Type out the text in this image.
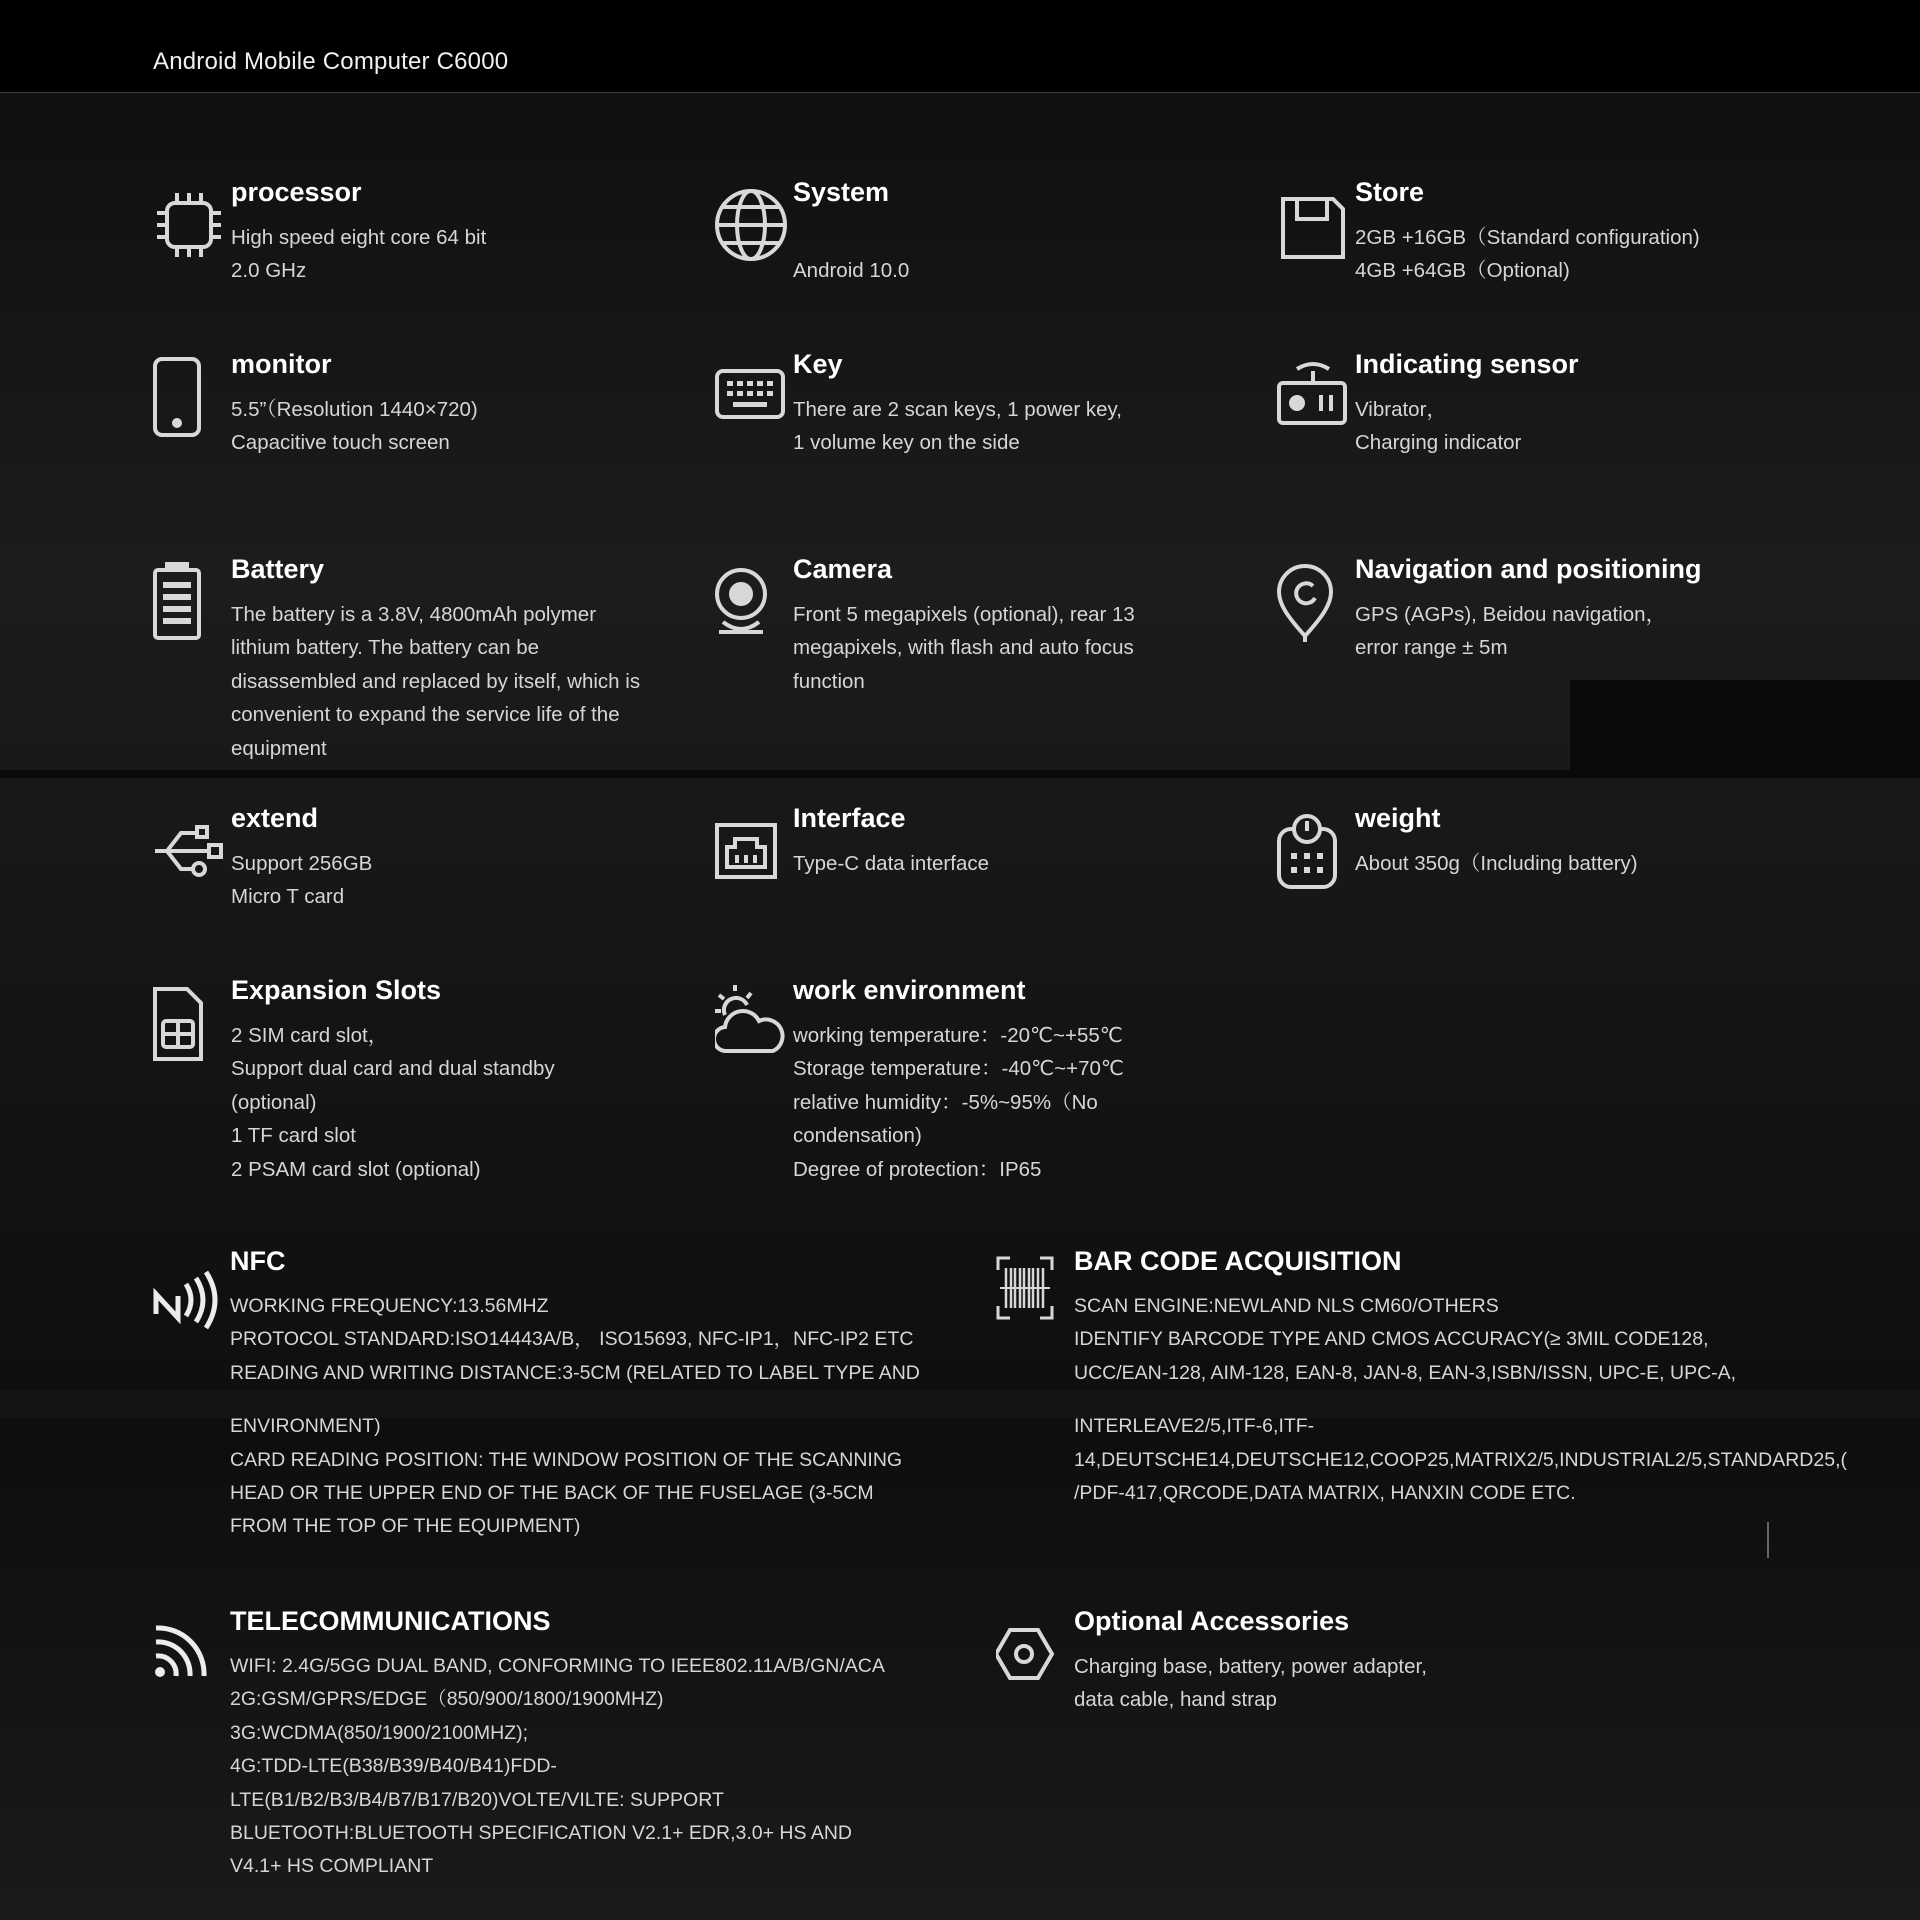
Android Mobile Computer C6000
processor
High speed eight core 64 bit
2.0 GHz
System
Android 10.0
Store
2GB +16GB（Standard configuration)
4GB +64GB（Optional)
monitor
5.5”（Resolution 1440×720)
Capacitive touch screen
Key
There are 2 scan keys, 1 power key,
1 volume key on the side
Indicating sensor
Vibrator，
Charging indicator
Battery
The battery is a 3.8V, 4800mAh polymer
lithium battery. The battery can be
disassembled and replaced by itself, which is
convenient to expand the service life of the
equipment
Camera
Front 5 megapixels (optional), rear 13
megapixels, with flash and auto focus
function
Navigation and positioning
GPS (AGPs), Beidou navigation，
error range ± 5m
extend
Support 256GB
Micro T card
Interface
Type-C data interface
weight
About 350g（Including battery)
Expansion Slots
2 SIM card slot，
Support dual card and dual standby
(optional)
1 TF card slot
2 PSAM card slot (optional)
work environment
working temperature：-20℃~+55℃
Storage temperature：-40℃~+70℃
relative humidity：-5%~95%（No
condensation)
Degree of protection：IP65
NFC
WORKING FREQUENCY:13.56MHZ
PROTOCOL STANDARD:ISO14443A/B， ISO15693, NFC-IP1，NFC-IP2 ETC
READING AND WRITING DISTANCE:3-5CM (RELATED TO LABEL TYPE AND
ENVIRONMENT)
CARD READING POSITION: THE WINDOW POSITION OF THE SCANNING
HEAD OR THE UPPER END OF THE BACK OF THE FUSELAGE (3-5CM
FROM THE TOP OF THE EQUIPMENT)
BAR CODE ACQUISITION
SCAN ENGINE:NEWLAND NLS CM60/OTHERS
IDENTIFY BARCODE TYPE AND CMOS ACCURACY(≥ 3MIL CODE128,
UCC/EAN-128, AIM-128, EAN-8, JAN-8, EAN-3,ISBN/ISSN, UPC-E, UPC-A,
INTERLEAVE2/5,ITF-6,ITF-
14,DEUTSCHE14,DEUTSCHE12,COOP25,MATRIX2/5,INDUSTRIAL2/5,STANDARD25,(
/PDF-417,QRCODE,DATA MATRIX, HANXIN CODE ETC.
TELECOMMUNICATIONS
WIFI: 2.4G/5GG DUAL BAND, CONFORMING TO IEEE802.11A/B/GN/ACA
2G:GSM/GPRS/EDGE（850/900/1800/1900MHZ)
3G:WCDMA(850/1900/2100MHZ);
4G:TDD-LTE(B38/B39/B40/B41)FDD-
LTE(B1/B2/B3/B4/B7/B17/B20)VOLTE/VILTE: SUPPORT
BLUETOOTH:BLUETOOTH SPECIFICATION V2.1+ EDR,3.0+ HS AND
V4.1+ HS COMPLIANT
Optional Accessories
Charging base, battery, power adapter,
data cable, hand strap
